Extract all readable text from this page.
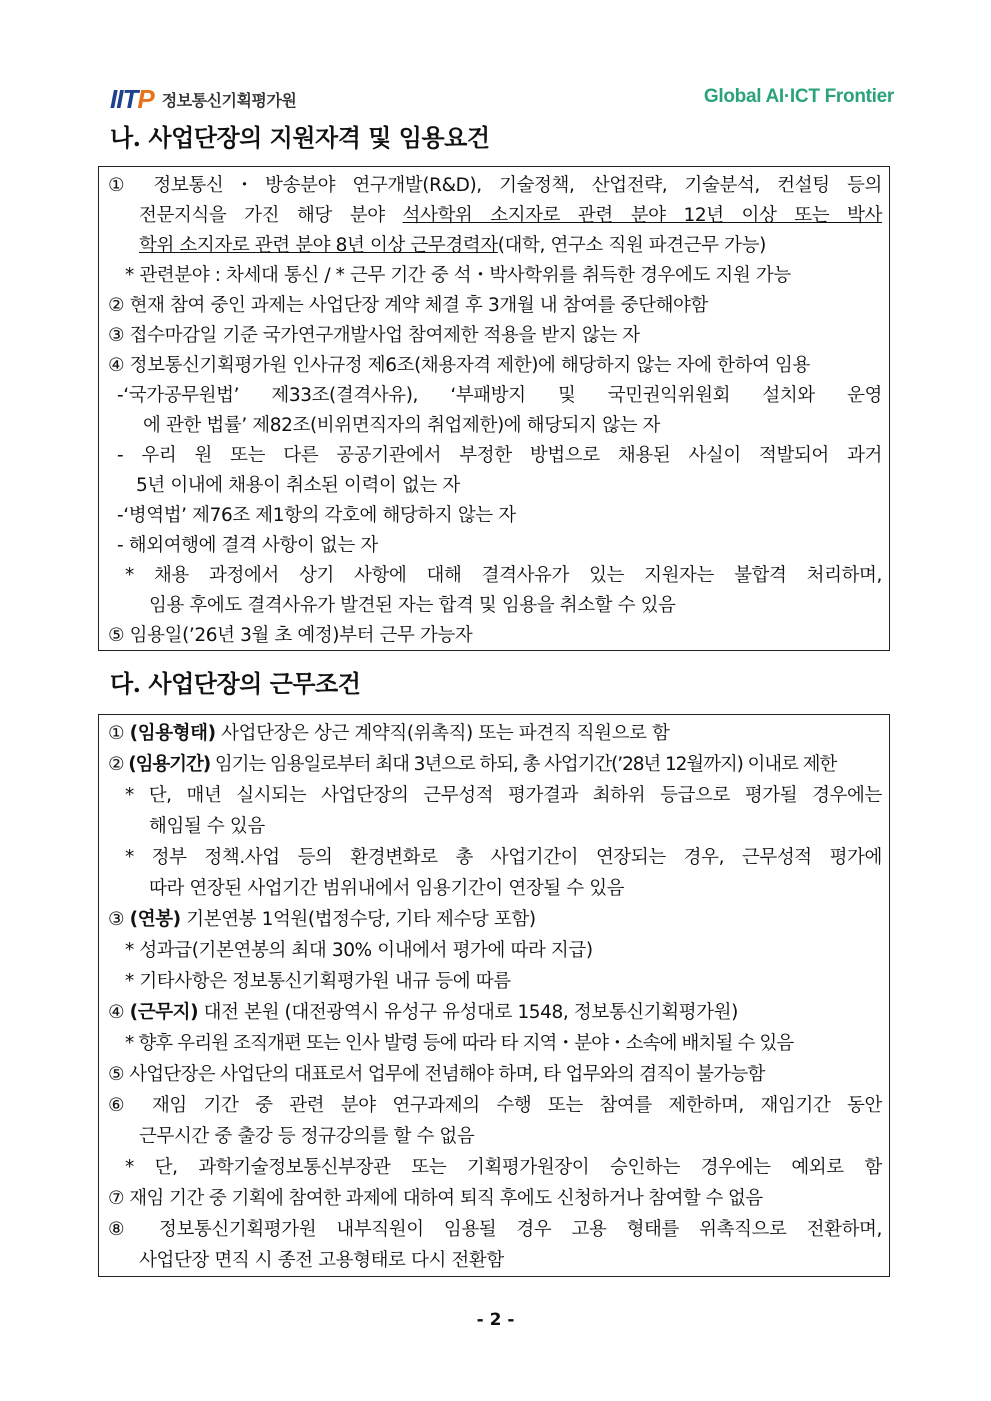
IITP 정보통신기획평가원	Global AI·ICT Frontier
나. 사업단장의 지원자격 및 임용요건
① 정보통신・방송분야 연구개발(R&D), 기술정책, 산업전략, 기술분석, 컨설팅 등의
전문지식을 가진 해당 분야 석사학위 소지자로 관련 분야 12년 이상 또는 박사
학위 소지자로 관련 분야 8년 이상 근무경력자(대학, 연구소 직원 파견근무 가능)
* 관련분야 : 차세대 통신 / * 근무 기간 중 석・박사학위를 취득한 경우에도 지원 가능
② 현재 참여 중인 과제는 사업단장 계약 체결 후 3개월 내 참여를 중단해야함
③ 접수마감일 기준 국가연구개발사업 참여제한 적용을 받지 않는 자
④ 정보통신기획평가원 인사규정 제6조(채용자격 제한)에 해당하지 않는 자에 한하여 임용
-‘국가공무원법’ 제33조(결격사유), ‘부패방지 및 국민권익위원회 설치와 운영
에 관한 법률’ 제82조(비위면직자의 취업제한)에 해당되지 않는 자
- 우리 원 또는 다른 공공기관에서 부정한 방법으로 채용된 사실이 적발되어 과거
5년 이내에 채용이 취소된 이력이 없는 자
-‘병역법’ 제76조 제1항의 각호에 해당하지 않는 자
- 해외여행에 결격 사항이 없는 자
* 채용 과정에서 상기 사항에 대해 결격사유가 있는 지원자는 불합격 처리하며,
임용 후에도 결격사유가 발견된 자는 합격 및 임용을 취소할 수 있음
⑤ 임용일(’26년 3월 초 예정)부터 근무 가능자
다. 사업단장의 근무조건
① (임용형태) 사업단장은 상근 계약직(위촉직) 또는 파견직 직원으로 함
② (임용기간) 임기는 임용일로부터 최대 3년으로 하되, 총 사업기간(’28년 12월까지) 이내로 제한
* 단, 매년 실시되는 사업단장의 근무성적 평가결과 최하위 등급으로 평가될 경우에는
해임될 수 있음
* 정부 정책.사업 등의 환경변화로 총 사업기간이 연장되는 경우, 근무성적 평가에
따라 연장된 사업기간 범위내에서 임용기간이 연장될 수 있음
③ (연봉) 기본연봉 1억원(법정수당, 기타 제수당 포함)
* 성과급(기본연봉의 최대 30% 이내에서 평가에 따라 지급)
* 기타사항은 정보통신기획평가원 내규 등에 따름
④ (근무지) 대전 본원 (대전광역시 유성구 유성대로 1548, 정보통신기획평가원)
* 향후 우리원 조직개편 또는 인사 발령 등에 따라 타 지역・분야・소속에 배치될 수 있음
⑤ 사업단장은 사업단의 대표로서 업무에 전념해야 하며, 타 업무와의 겸직이 불가능함
⑥ 재임 기간 중 관련 분야 연구과제의 수행 또는 참여를 제한하며, 재임기간 동안
근무시간 중 출강 등 정규강의를 할 수 없음
* 단, 과학기술정보통신부장관 또는 기획평가원장이 승인하는 경우에는 예외로 함
⑦ 재임 기간 중 기획에 참여한 과제에 대하여 퇴직 후에도 신청하거나 참여할 수 없음
⑧ 정보통신기획평가원 내부직원이 임용될 경우 고용 형태를 위촉직으로 전환하며,
사업단장 면직 시 종전 고용형태로 다시 전환함
- 2 -
